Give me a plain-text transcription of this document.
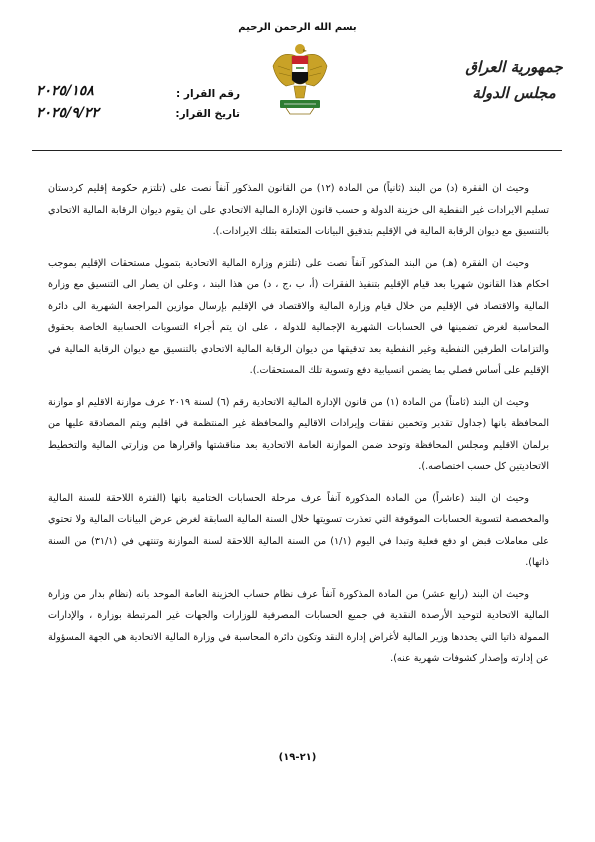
بسم الله الرحمن الرحيم
جمهورية العراق
مجلس الدولة
رقم القرار :
تاريخ القرار:
٢٠٢٥/١٥٨
٢٠٢٥/٩/٢٢

وحيث ان الفقرة (د) من البند (ثانياً) من المادة (١٢) من القانون المذكور آنفاً نصت على (تلتزم حكومة إقليم كردستان تسليم الايرادات غير النفطية الى خزينة الدولة و حسب قانون الإدارة المالية الاتحادي على ان يقوم ديوان الرقابة المالية الاتحادي بالتنسيق مع ديوان الرقابة المالية في الإقليم بتدقيق البيانات المتعلقة بتلك الايرادات.).

وحيث ان الفقرة (هـ) من البند المذكور آنفاً نصت على (تلتزم وزارة المالية الاتحادية بتمويل مستحقات الإقليم بموجب احكام هذا القانون شهريا بعد قيام الإقليم بتنفيذ الفقرات (أ، ب ،ج ، د) من هذا البند ، وعلى ان يصار الى التنسيق مع وزارة المالية والاقتصاد في الإقليم من خلال قيام وزارة المالية والاقتصاد في الإقليم بإرسال موازين المراجعة الشهرية الى دائرة المحاسبة لغرض تضمينها في الحسابات الشهرية الإجمالية للدولة ، على ان يتم أجراء التسويات الحسابية الخاصة بحقوق والتزامات الطرفين النفطية وغير النفطية بعد تدقيقها من ديوان الرقابة المالية الاتحادي بالتنسيق مع ديوان الرقابة المالية في الإقليم على أساس فصلي بما يضمن انسيابية دفع وتسوية تلك المستحقات.).

وحيث ان البند (ثامناً) من المادة (١) من قانون الإدارة المالية الاتحادية رقم (٦) لسنة ٢٠١٩ عرف موازنة الاقليم او موازنة المحافظة بانها (جداول تقدير وتخمين نفقات وإيرادات الاقاليم والمحافظة غير المنتظمة في اقليم ويتم المصادقة عليها من برلمان الاقليم ومجلس المحافظة وتوحد ضمن الموازنة العامة الاتحادية بعد مناقشتها واقرارها من وزارتي المالية والتخطيط الاتحاديتين كل حسب اختصاصه.).

وحيث ان البند (عاشراً) من المادة المذكورة آنفاً عرف مرحلة الحسابات الختامية بانها (الفترة اللاحقة للسنة المالية والمخصصة لتسوية الحسابات الموقوفة التي تعذرت تسويتها خلال السنة المالية السابقة لغرض عرض البيانات المالية ولا تحتوي على معاملات قبض او دفع فعلية وتبدا في اليوم (١/١) من السنة المالية اللاحقة لسنة الموازنة وتنتهي في (٣١/١) من السنة ذاتها).

وحيث ان البند (رابع عشر) من المادة المذكورة آنفاً عرف نظام حساب الخزينة العامة الموحد بانه (نظام بدار من وزارة المالية الاتحادية لتوحيد الأرصدة النقدية في جميع الحسابات المصرفية للوزارات والجهات غير المرتبطة بوزارة ، والإدارات الممولة ذاتيا التي يحددها وزير المالية لأغراض إدارة النقد وتكون دائرة المحاسبة في وزارة المالية الاتحادية هي الجهة المسؤولة عن إدارته وإصدار كشوفات شهرية عنه).

(٢١-١٩)
